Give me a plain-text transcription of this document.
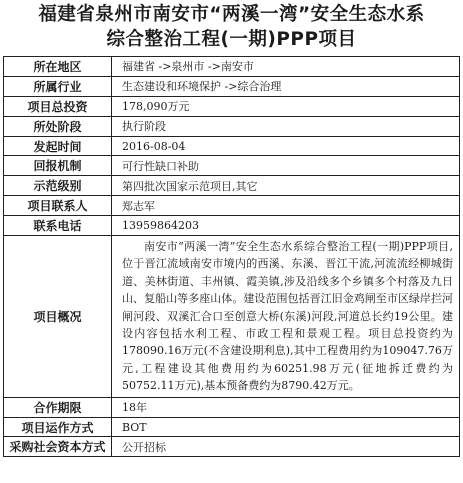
福建省泉州市南安市“两溪一湾”安全生态水系
综合整治工程(一期)PPP项目
所在地区	福建省 ->泉州市 ->南安市
所属行业	生态建设和环境保护 ->综合治理
项目总投资	178,090万元
所处阶段	执行阶段
发起时间	2016-08-04
回报机制	可行性缺口补助
示范级别	第四批次国家示范项目,其它
项目联系人	郑志军
联系电话	13959864203
项目概况	南安市“两溪一湾”安全生态水系综合整治工程(一期)PPP项目,位于晋江流域南安市境内的西溪、东溪、晋江干流,河流流经柳城街道、美林街道、丰州镇、霞美镇,涉及沿线多个乡镇多个村落及九日山、复船山等多座山体。建设范围包括晋江旧金鸡闸至市区绿岸拦河闸河段、双溪汇合口至创意大桥(东溪)河段,河道总长约19公里。建设内容包括水利工程、市政工程和景观工程。项目总投资约为178090.16万元(不含建设期利息),其中工程费用约为109047.76万元,工程建设其他费用约为60251.98万元(征地拆迁费约为50752.11万元),基本预备费约为8790.42万元。
合作期限	18年
项目运作方式	BOT
采购社会资本方式	公开招标
